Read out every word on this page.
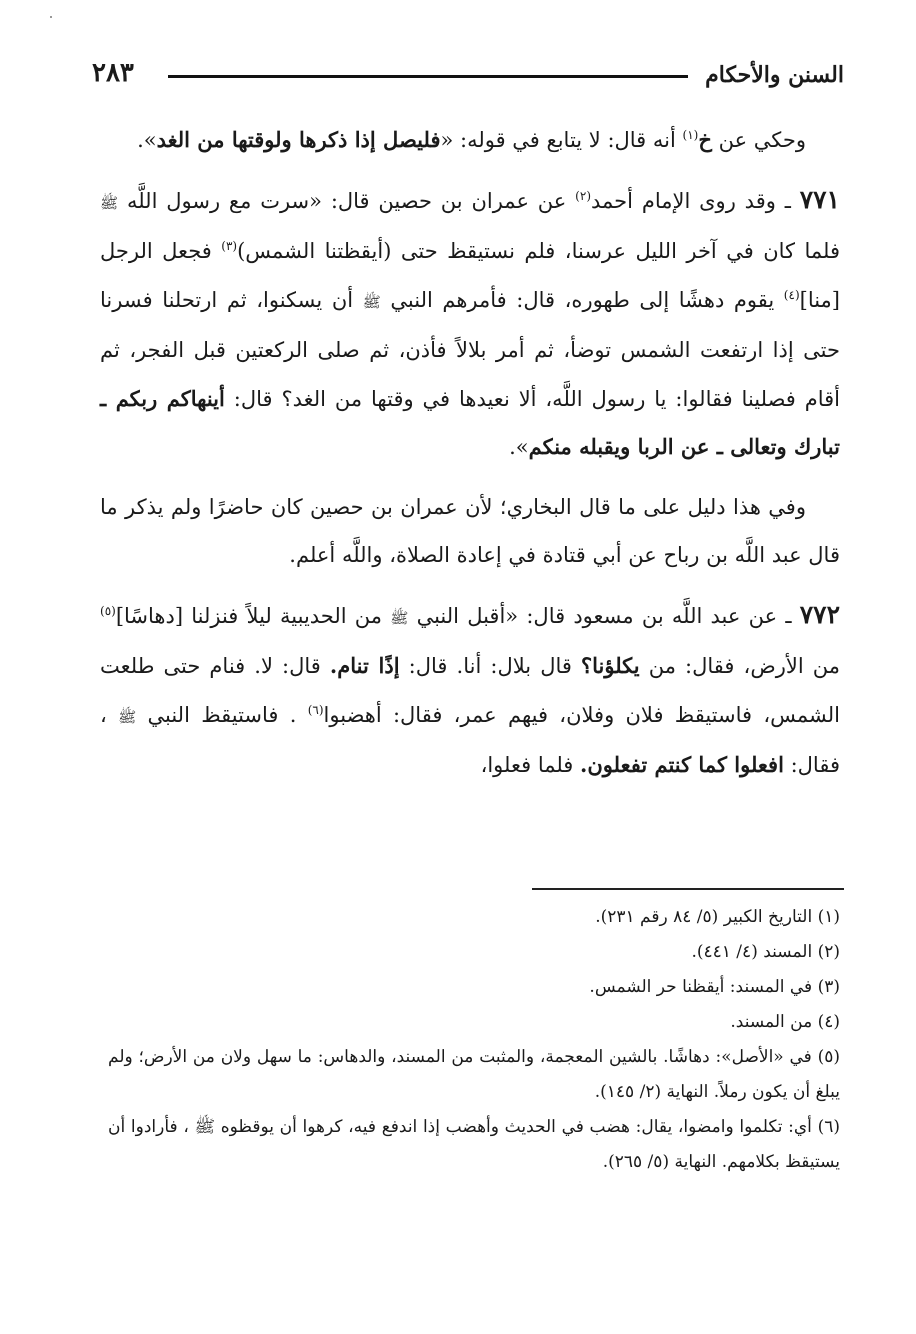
السنن والأحكام
٢٨٣

وحكي عن خ$^{(١)}$ أنه قال: لا يتابع في قوله: «فليصل إذا ذكرها ولوقتها من الغد».

٧٧١ ـ وقد روى الإمام أحمد$^{(٢)}$ عن عمران بن حصين قال: «سرت مع رسول اللَّه ﷺ فلما كان في آخر الليل عرسنا، فلم نستيقظ حتى (أيقظتنا الشمس)$^{(٣)}$ فجعل الرجل [منا]$^{(٤)}$ يقوم دهشًا إلى طهوره، قال: فأمرهم النبي ﷺ أن يسكنوا، ثم ارتحلنا فسرنا حتى إذا ارتفعت الشمس توضأ، ثم أمر بلالاً فأذن، ثم صلى الركعتين قبل الفجر، ثم أقام فصلينا فقالوا: يا رسول اللَّه، ألا نعيدها في وقتها من الغد؟ قال: أينهاكم ربكم ـ تبارك وتعالى ـ عن الربا ويقبله منكم».

وفي هذا دليل على ما قال البخاري؛ لأن عمران بن حصين كان حاضرًا ولم يذكر ما قال عبد اللَّه بن رباح عن أبي قتادة في إعادة الصلاة، واللَّه أعلم.

٧٧٢ ـ عن عبد اللَّه بن مسعود قال: «أقبل النبي ﷺ من الحديبية ليلاً فنزلنا [دهاسًا]$^{(٥)}$ من الأرض، فقال: من يكلؤنا؟ قال بلال: أنا. قال: إذًا تنام. قال: لا. فنام حتى طلعت الشمس، فاستيقظ فلان وفلان، فيهم عمر، فقال: أهضبوا$^{(٦)}$ . فاستيقظ النبي ﷺ ، فقال: افعلوا كما كنتم تفعلون. فلما فعلوا،

(١) التاريخ الكبير (٥/ ٨٤ رقم ٢٣١).

(٢) المسند (٤/ ٤٤١).

(٣) في المسند: أيقظنا حر الشمس.

(٤) من المسند.

(٥) في «الأصل»: دهاشًا. بالشين المعجمة، والمثبت من المسند، والدهاس: ما سهل ولان من الأرض؛ ولم يبلغ أن يكون رملاً. النهاية (٢/ ١٤٥).

(٦) أي: تكلموا وامضوا، يقال: هضب في الحديث وأهضب إذا اندفع فيه، كرهوا أن يوقظوه ﷺ ، فأرادوا أن يستيقظ بكلامهم. النهاية (٥/ ٢٦٥).
